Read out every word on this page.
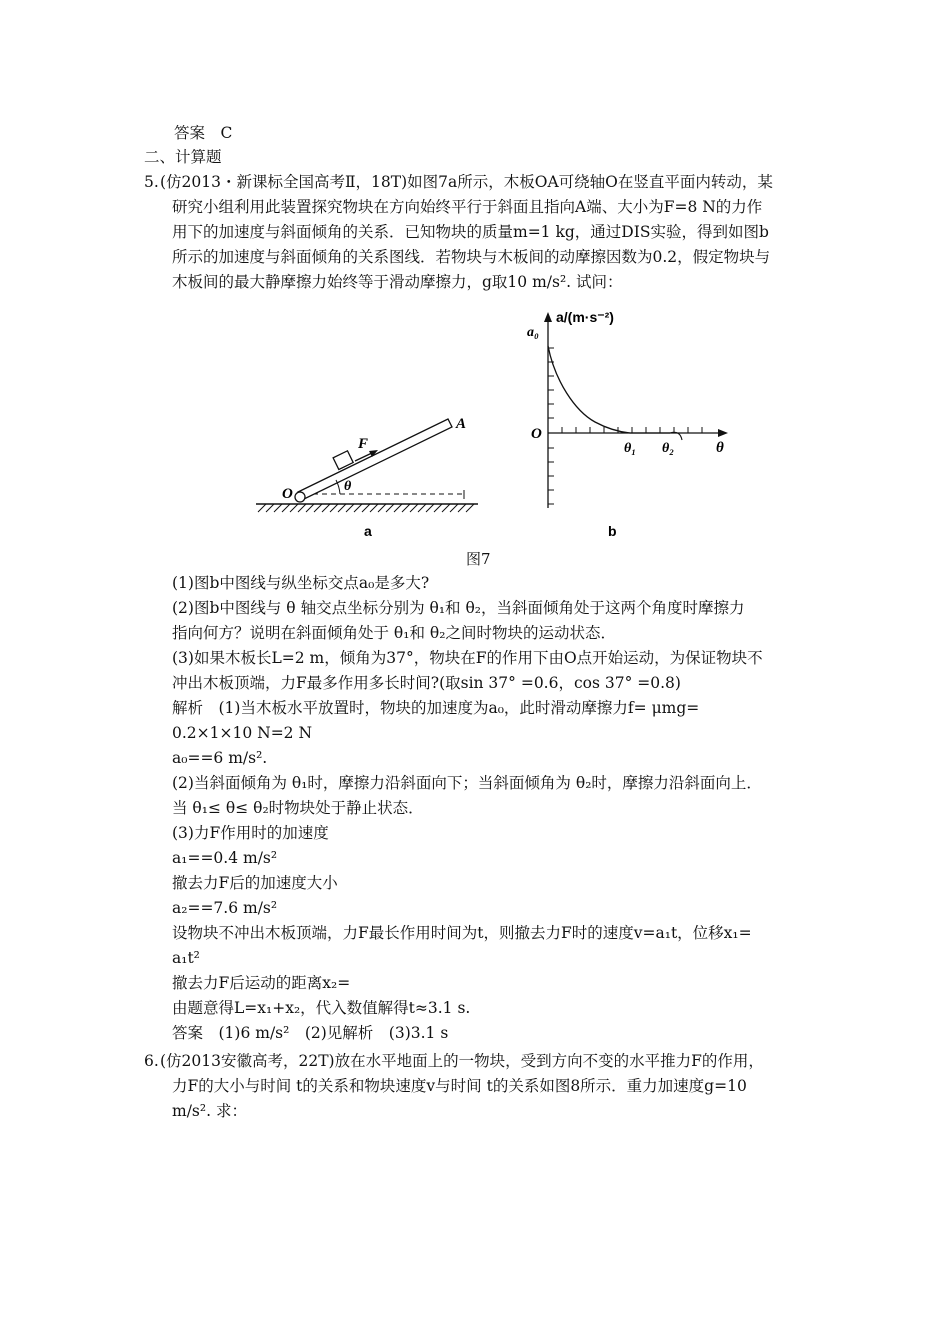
答案　C
二、计算题
5. (仿2013・新课标全国高考Ⅱ，18T)如图7a所示，木板OA可绕轴O在竖直平面内转动，某
研究小组利用此装置探究物块在方向始终平行于斜面且指向A端、大小为F=8 N的力作
用下的加速度与斜面倾角的关系．已知物块的质量m=1 kg，通过DIS实验，得到如图b
所示的加速度与斜面倾角的关系图线．若物块与木板间的动摩擦因数为0.2，假定物块与
木板间的最大静摩擦力始终等于滑动摩擦力，g取10 m/s². 试问：
F
A
O	θ
a
a/(m·s⁻²)
a₀
O
θ₁ θ₂	θ
b
图7
(1)图b中图线与纵坐标交点a₀是多大?
(2)图b中图线与 θ 轴交点坐标分别为 θ₁和 θ₂，当斜面倾角处于这两个角度时摩擦力
指向何方？说明在斜面倾角处于 θ₁和 θ₂之间时物块的运动状态．
(3)如果木板长L=2 m，倾角为37°，物块在F的作用下由O点开始运动，为保证物块不
冲出木板顶端，力F最多作用多长时间?(取sin 37° =0.6，cos 37° =0.8)
解析　(1)当木板水平放置时，物块的加速度为a₀，此时滑动摩擦力f= μmg=
0.2×1×10 N=2 N
a₀==6 m/s².
(2)当斜面倾角为 θ₁时，摩擦力沿斜面向下；当斜面倾角为 θ₂时，摩擦力沿斜面向上．
当 θ₁≤ θ≤ θ₂时物块处于静止状态．
(3)力F作用时的加速度
a₁==0.4 m/s²
撤去力F后的加速度大小
a₂==7.6 m/s²
设物块不冲出木板顶端，力F最长作用时间为t，则撤去力F时的速度v=a₁t，位移x₁=
a₁t²
撤去力F后运动的距离x₂=
由题意得L=x₁+x₂，代入数值解得t≈3.1 s.
答案　(1)6 m/s²　(2)见解析　(3)3.1 s
6. (仿2013安徽高考，22T)放在水平地面上的一物块，受到方向不变的水平推力F的作用，
力F的大小与时间 t的关系和物块速度v与时间 t的关系如图8所示．重力加速度g=10
m/s². 求：
